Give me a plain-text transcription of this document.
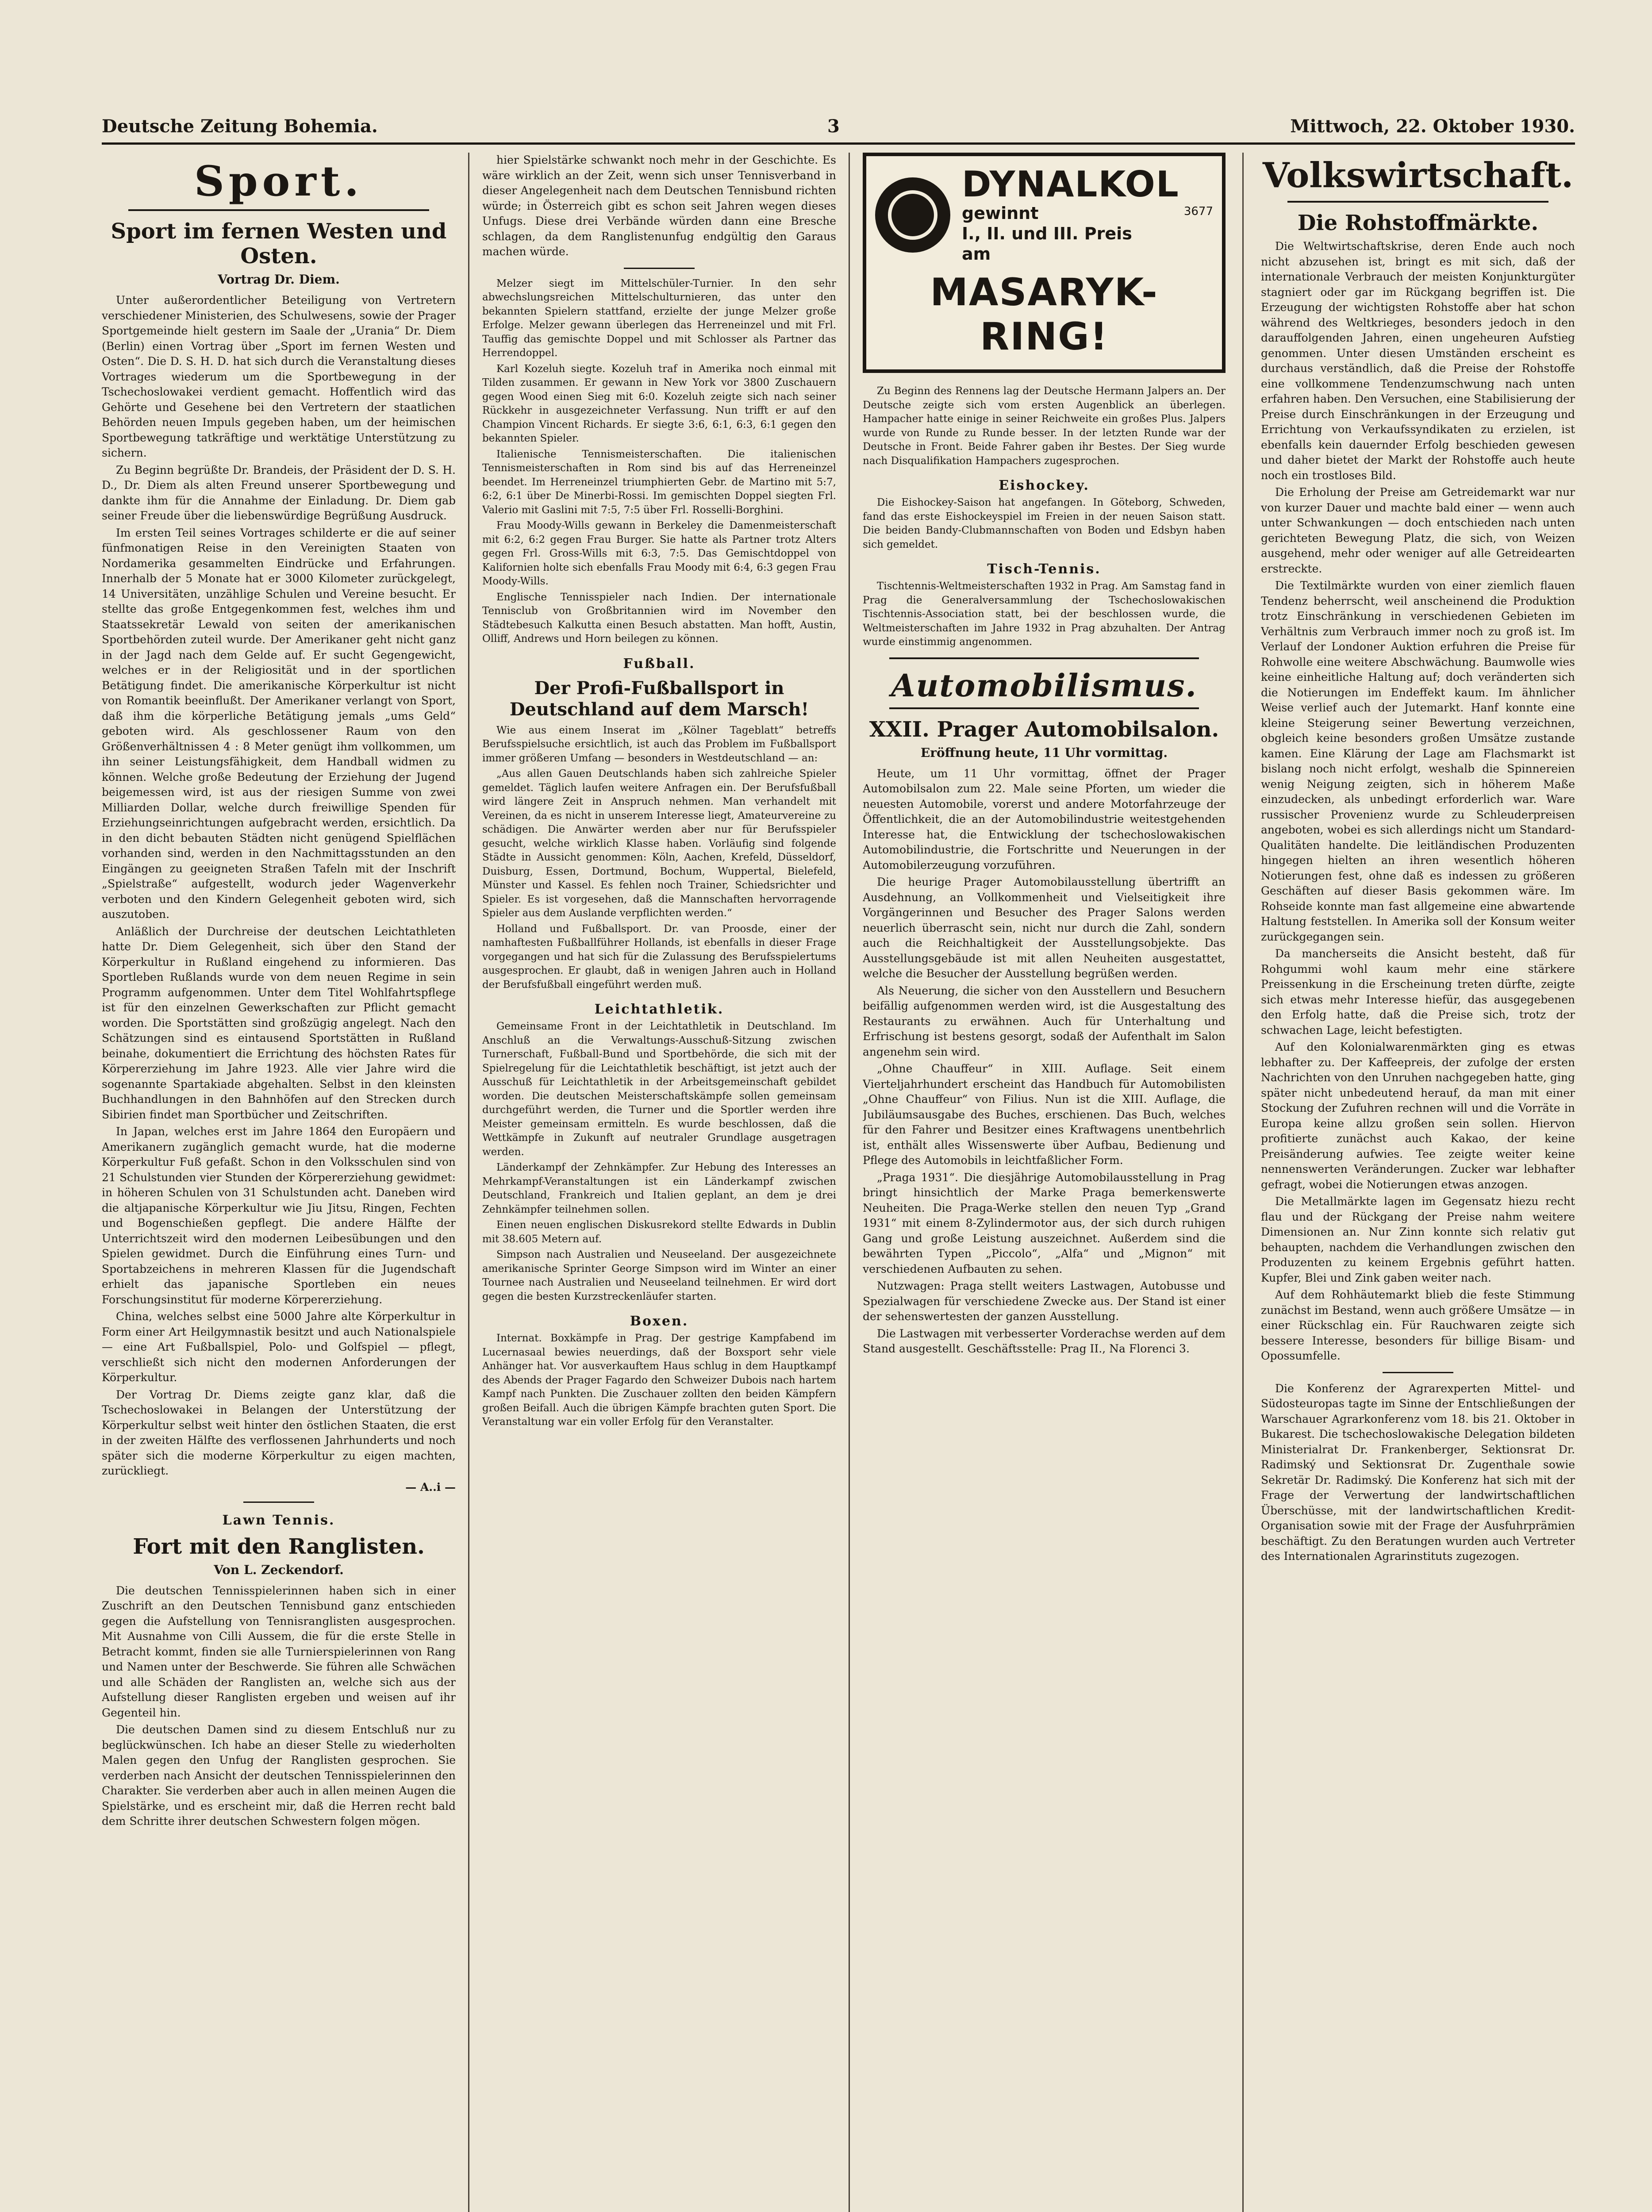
Deutsche Zeitung Bohemia.	3	Mittwoch, 22. Oktober 1930.
Sport.
Sport im fernen Westen und Osten.
Vortrag Dr. Diem.

Unter außerordentlicher Beteiligung von Vertretern verschiedener Ministerien, des Schulwesens, sowie der Prager Sportgemeinde hielt gestern im Saale der „Urania“ Dr. Diem (Berlin) einen Vortrag über „Sport im fernen Westen und Osten“. Die D. S. H. D. hat sich durch die Veranstaltung dieses Vortrages wiederum um die Sportbewegung in der Tschechoslowakei verdient gemacht. Hoffentlich wird das Gehörte und Gesehene bei den Vertretern der staatlichen Behörden neuen Impuls gegeben haben, um der heimischen Sportbewegung tatkräftige und werktätige Unterstützung zu sichern.

Zu Beginn begrüßte Dr. Brandeis, der Präsident der D. S. H. D., Dr. Diem als alten Freund unserer Sportbewegung und dankte ihm für die Annahme der Einladung. Dr. Diem gab seiner Freude über die liebenswürdige Begrüßung Ausdruck.

Im ersten Teil seines Vortrages schilderte er die auf seiner fünfmonatigen Reise in den Vereinigten Staaten von Nordamerika gesammelten Eindrücke und Erfahrungen. Innerhalb der 5 Monate hat er 3000 Kilometer zurückgelegt, 14 Universitäten, unzählige Schulen und Vereine besucht. Er stellte das große Entgegenkommen fest, welches ihm und Staatssekretär Lewald von seiten der amerikanischen Sportbehörden zuteil wurde. Der Amerikaner geht nicht ganz in der Jagd nach dem Gelde auf. Er sucht Gegengewicht, welches er in der Religiosität und in der sportlichen Betätigung findet. Die amerikanische Körperkultur ist nicht von Romantik beeinflußt. Der Amerikaner verlangt von Sport, daß ihm die körperliche Betätigung jemals „ums Geld“ geboten wird. Als geschlossener Raum von den Größenverhältnissen 4 : 8 Meter genügt ihm vollkommen, um ihn seiner Leistungsfähigkeit, dem Handball widmen zu können. Welche große Bedeutung der Erziehung der Jugend beigemessen wird, ist aus der riesigen Summe von zwei Milliarden Dollar, welche durch freiwillige Spenden für Erziehungseinrichtungen aufgebracht werden, ersichtlich. Da in den dicht bebauten Städten nicht genügend Spielflächen vorhanden sind, werden in den Nachmittagsstunden an den Eingängen zu geeigneten Straßen Tafeln mit der Inschrift „Spielstraße“ aufgestellt, wodurch jeder Wagenverkehr verboten und den Kindern Gelegenheit geboten wird, sich auszutoben.

Anläßlich der Durchreise der deutschen Leichtathleten hatte Dr. Diem Gelegenheit, sich über den Stand der Körperkultur in Rußland eingehend zu informieren. Das Sportleben Rußlands wurde von dem neuen Regime in sein Programm aufgenommen. Unter dem Titel Wohlfahrtspflege ist für den einzelnen Gewerkschaften zur Pflicht gemacht worden. Die Sportstätten sind großzügig angelegt. Nach den Schätzungen sind es eintausend Sportstätten in Rußland beinahe, dokumentiert die Errichtung des höchsten Rates für Körpererziehung im Jahre 1923. Alle vier Jahre wird die sogenannte Spartakiade abgehalten. Selbst in den kleinsten Buchhandlungen in den Bahnhöfen auf den Strecken durch Sibirien findet man Sportbücher und Zeitschriften.

In Japan, welches erst im Jahre 1864 den Europäern und Amerikanern zugänglich gemacht wurde, hat die moderne Körperkultur Fuß gefaßt. Schon in den Volksschulen sind von 21 Schulstunden vier Stunden der Körpererziehung gewidmet: in höheren Schulen von 31 Schulstunden acht. Daneben wird die altjapanische Körperkultur wie Jiu Jitsu, Ringen, Fechten und Bogenschießen gepflegt. Die andere Hälfte der Unterrichtszeit wird den modernen Leibesübungen und den Spielen gewidmet. Durch die Einführung eines Turn- und Sportabzeichens in mehreren Klassen für die Jugendschaft erhielt das japanische Sportleben ein neues Forschungsinstitut für moderne Körpererziehung.

China, welches selbst eine 5000 Jahre alte Körperkultur in Form einer Art Heilgymnastik besitzt und auch Nationalspiele — eine Art Fußballspiel, Polo- und Golfspiel — pflegt, verschließt sich nicht den modernen Anforderungen der Körperkultur.

Der Vortrag Dr. Diems zeigte ganz klar, daß die Tschechoslowakei in Belangen der Unterstützung der Körperkultur selbst weit hinter den östlichen Staaten, die erst in der zweiten Hälfte des verflossenen Jahrhunderts und noch später sich die moderne Körperkultur zu eigen machten, zurückliegt.

— A..i —
Lawn Tennis.
Fort mit den Ranglisten.
Von L. Zeckendorf.

Die deutschen Tennisspielerinnen haben sich in einer Zuschrift an den Deutschen Tennisbund ganz entschieden gegen die Aufstellung von Tennisranglisten ausgesprochen. Mit Ausnahme von Cilli Aussem, die für die erste Stelle in Betracht kommt, finden sie alle Turnierspielerinnen von Rang und Namen unter der Beschwerde. Sie führen alle Schwächen und alle Schäden der Ranglisten an, welche sich aus der Aufstellung dieser Ranglisten ergeben und weisen auf ihr Gegenteil hin.

Die deutschen Damen sind zu diesem Entschluß nur zu beglückwünschen. Ich habe an dieser Stelle zu wiederholten Malen gegen den Unfug der Ranglisten gesprochen. Sie verderben nach Ansicht der deutschen Tennisspielerinnen den Charakter. Sie verderben aber auch in allen meinen Augen die Spielstärke, und es erscheint mir, daß die Herren recht bald dem Schritte ihrer deutschen Schwestern folgen mögen.

hier Spielstärke schwankt noch mehr in der Geschichte. Es wäre wirklich an der Zeit, wenn sich unser Tennisverband in dieser Angelegenheit nach dem Deutschen Tennisbund richten würde; in Österreich gibt es schon seit Jahren wegen dieses Unfugs. Diese drei Verbände würden dann eine Bresche schlagen, da dem Ranglistenunfug endgültig den Garaus machen würde.

Melzer siegt im Mittelschüler-Turnier. In den sehr abwechslungsreichen Mittelschulturnieren, das unter den bekannten Spielern stattfand, erzielte der junge Melzer große Erfolge. Melzer gewann überlegen das Herreneinzel und mit Frl. Tauffig das gemischte Doppel und mit Schlosser als Partner das Herrendoppel.

Karl Kozeluh siegte. Kozeluh traf in Amerika noch einmal mit Tilden zusammen. Er gewann in New York vor 3800 Zuschauern gegen Wood einen Sieg mit 6:0. Kozeluh zeigte sich nach seiner Rückkehr in ausgezeichneter Verfassung. Nun trifft er auf den Champion Vincent Richards. Er siegte 3:6, 6:1, 6:3, 6:1 gegen den bekannten Spieler.

Italienische Tennismeisterschaften. Die italienischen Tennismeisterschaften in Rom sind bis auf das Herreneinzel beendet. Im Herreneinzel triumphierten Gebr. de Martino mit 5:7, 6:2, 6:1 über De Minerbi-Rossi. Im gemischten Doppel siegten Frl. Valerio mit Gaslini mit 7:5, 7:5 über Frl. Rosselli-Borghini.

Frau Moody-Wills gewann in Berkeley die Damenmeisterschaft mit 6:2, 6:2 gegen Frau Burger. Sie hatte als Partner trotz Alters gegen Frl. Gross-Wills mit 6:3, 7:5. Das Gemischtdoppel von Kalifornien holte sich ebenfalls Frau Moody mit 6:4, 6:3 gegen Frau Moody-Wills.

Englische Tennisspieler nach Indien. Der internationale Tennisclub von Großbritannien wird im November den Städtebesuch Kalkutta einen Besuch abstatten. Man hofft, Austin, Olliff, Andrews und Horn beilegen zu können.

Fußball.
Der Profi-Fußballsport in Deutschland auf dem Marsch!

Wie aus einem Inserat im „Kölner Tageblatt“ betreffs Berufsspielsuche ersichtlich, ist auch das Problem im Fußballsport immer größeren Umfang — besonders in Westdeutschland — an:

„Aus allen Gauen Deutschlands haben sich zahlreiche Spieler gemeldet. Täglich laufen weitere Anfragen ein. Der Berufsfußball wird längere Zeit in Anspruch nehmen. Man verhandelt mit Vereinen, da es nicht in unserem Interesse liegt, Amateurvereine zu schädigen. Die Anwärter werden aber nur für Berufsspieler gesucht, welche wirklich Klasse haben. Vorläufig sind folgende Städte in Aussicht genommen: Köln, Aachen, Krefeld, Düsseldorf, Duisburg, Essen, Dortmund, Bochum, Wuppertal, Bielefeld, Münster und Kassel. Es fehlen noch Trainer, Schiedsrichter und Spieler. Es ist vorgesehen, daß die Mannschaften hervorragende Spieler aus dem Auslande verpflichten werden.“

Holland und Fußballsport. Dr. van Proosde, einer der namhaftesten Fußballführer Hollands, ist ebenfalls in dieser Frage vorgegangen und hat sich für die Zulassung des Berufsspielertums ausgesprochen. Er glaubt, daß in wenigen Jahren auch in Holland der Berufsfußball eingeführt werden muß.

Leichtathletik.

Gemeinsame Front in der Leichtathletik in Deutschland. Im Anschluß an die Verwaltungs-Ausschuß-Sitzung zwischen Turnerschaft, Fußball-Bund und Sportbehörde, die sich mit der Spielregelung für die Leichtathletik beschäftigt, ist jetzt auch der Ausschuß für Leichtathletik in der Arbeitsgemeinschaft gebildet worden. Die deutschen Meisterschaftskämpfe sollen gemeinsam durchgeführt werden, die Turner und die Sportler werden ihre Meister gemeinsam ermitteln. Es wurde beschlossen, daß die Wettkämpfe in Zukunft auf neutraler Grundlage ausgetragen werden.

Länderkampf der Zehnkämpfer. Zur Hebung des Interesses an Mehrkampf-Veranstaltungen ist ein Länderkampf zwischen Deutschland, Frankreich und Italien geplant, an dem je drei Zehnkämpfer teilnehmen sollen.

Einen neuen englischen Diskusrekord stellte Edwards in Dublin mit 38.605 Metern auf.

Simpson nach Australien und Neuseeland. Der ausgezeichnete amerikanische Sprinter George Simpson wird im Winter an einer Tournee nach Australien und Neuseeland teilnehmen. Er wird dort gegen die besten Kurzstreckenläufer starten.

Boxen.

Internat. Boxkämpfe in Prag. Der gestrige Kampfabend im Lucernasaal bewies neuerdings, daß der Boxsport sehr viele Anhänger hat. Vor ausverkauftem Haus schlug in dem Hauptkampf des Abends der Prager Fagardo den Schweizer Dubois nach hartem Kampf nach Punkten. Die Zuschauer zollten den beiden Kämpfern großen Beifall. Auch die übrigen Kämpfe brachten guten Sport. Die Veranstaltung war ein voller Erfolg für den Veranstalter.

DYNALKOL
gewinnt	3677
I., II. und III. Preis
am
MASARYK-RING!

Zu Beginn des Rennens lag der Deutsche Hermann Jalpers an. Der Deutsche zeigte sich vom ersten Augenblick an überlegen. Hampacher hatte einige in seiner Reichweite ein großes Plus. Jalpers wurde von Runde zu Runde besser. In der letzten Runde war der Deutsche in Front. Beide Fahrer gaben ihr Bestes. Der Sieg wurde nach Disqualifikation Hampachers zugesprochen.

Eishockey.

Die Eishockey-Saison hat angefangen. In Göteborg, Schweden, fand das erste Eishockeyspiel im Freien in der neuen Saison statt. Die beiden Bandy-Clubmannschaften von Boden und Edsbyn haben sich gemeldet.

Tisch-Tennis.

Tischtennis-Weltmeisterschaften 1932 in Prag. Am Samstag fand in Prag die Generalversammlung der Tschechoslowakischen Tischtennis-Association statt, bei der beschlossen wurde, die Weltmeisterschaften im Jahre 1932 in Prag abzuhalten. Der Antrag wurde einstimmig angenommen.

Automobilismus.
XXII. Prager Automobilsalon.
Eröffnung heute, 11 Uhr vormittag.

Heute, um 11 Uhr vormittag, öffnet der Prager Automobilsalon zum 22. Male seine Pforten, um wieder die neuesten Automobile, vorerst und andere Motorfahrzeuge der Öffentlichkeit, die an der Automobilindustrie weitestgehenden Interesse hat, die Entwicklung der tschechoslowakischen Automobilindustrie, die Fortschritte und Neuerungen in der Automobilerzeugung vorzuführen.

Die heurige Prager Automobilausstellung übertrifft an Ausdehnung, an Vollkommenheit und Vielseitigkeit ihre Vorgängerinnen und Besucher des Prager Salons werden neuerlich überrascht sein, nicht nur durch die Zahl, sondern auch die Reichhaltigkeit der Ausstellungsobjekte. Das Ausstellungsgebäude ist mit allen Neuheiten ausgestattet, welche die Besucher der Ausstellung begrüßen werden.

Als Neuerung, die sicher von den Ausstellern und Besuchern beifällig aufgenommen werden wird, ist die Ausgestaltung des Restaurants zu erwähnen. Auch für Unterhaltung und Erfrischung ist bestens gesorgt, sodaß der Aufenthalt im Salon angenehm sein wird.

„Ohne Chauffeur“ in XIII. Auflage. Seit einem Vierteljahrhundert erscheint das Handbuch für Automobilisten „Ohne Chauffeur“ von Filius. Nun ist die XIII. Auflage, die Jubiläumsausgabe des Buches, erschienen. Das Buch, welches für den Fahrer und Besitzer eines Kraftwagens unentbehrlich ist, enthält alles Wissenswerte über Aufbau, Bedienung und Pflege des Automobils in leichtfaßlicher Form.

„Praga 1931“. Die diesjährige Automobilausstellung in Prag bringt hinsichtlich der Marke Praga bemerkenswerte Neuheiten. Die Praga-Werke stellen den neuen Typ „Grand 1931“ mit einem 8-Zylindermotor aus, der sich durch ruhigen Gang und große Leistung auszeichnet. Außerdem sind die bewährten Typen „Piccolo“, „Alfa“ und „Mignon“ mit verschiedenen Aufbauten zu sehen.

Nutzwagen: Praga stellt weiters Lastwagen, Autobusse und Spezialwagen für verschiedene Zwecke aus. Der Stand ist einer der sehenswertesten der ganzen Ausstellung.

Die Lastwagen mit verbesserter Vorderachse werden auf dem Stand ausgestellt. Geschäftsstelle: Prag II., Na Florenci 3.

Volkswirtschaft.
Die Rohstoffmärkte.

Die Weltwirtschaftskrise, deren Ende auch noch nicht abzusehen ist, bringt es mit sich, daß der internationale Verbrauch der meisten Konjunkturgüter stagniert oder gar im Rückgang begriffen ist. Die Erzeugung der wichtigsten Rohstoffe aber hat schon während des Weltkrieges, besonders jedoch in den darauffolgenden Jahren, einen ungeheuren Aufstieg genommen. Unter diesen Umständen erscheint es durchaus verständlich, daß die Preise der Rohstoffe eine vollkommene Tendenzumschwung nach unten erfahren haben. Den Versuchen, eine Stabilisierung der Preise durch Einschränkungen in der Erzeugung und Errichtung von Verkaufssyndikaten zu erzielen, ist ebenfalls kein dauernder Erfolg beschieden gewesen und daher bietet der Markt der Rohstoffe auch heute noch ein trostloses Bild.

Die Erholung der Preise am Getreidemarkt war nur von kurzer Dauer und machte bald einer — wenn auch unter Schwankungen — doch entschieden nach unten gerichteten Bewegung Platz, die sich, von Weizen ausgehend, mehr oder weniger auf alle Getreidearten erstreckte.

Die Textilmärkte wurden von einer ziemlich flauen Tendenz beherrscht, weil anscheinend die Produktion trotz Einschränkung in verschiedenen Gebieten im Verhältnis zum Verbrauch immer noch zu groß ist. Im Verlauf der Londoner Auktion erfuhren die Preise für Rohwolle eine weitere Abschwächung. Baumwolle wies keine einheitliche Haltung auf; doch veränderten sich die Notierungen im Endeffekt kaum. Im ähnlicher Weise verlief auch der Jutemarkt. Hanf konnte eine kleine Steigerung seiner Bewertung verzeichnen, obgleich keine besonders großen Umsätze zustande kamen. Eine Klärung der Lage am Flachsmarkt ist bislang noch nicht erfolgt, weshalb die Spinnereien wenig Neigung zeigten, sich in höherem Maße einzudecken, als unbedingt erforderlich war. Ware russischer Provenienz wurde zu Schleuderpreisen angeboten, wobei es sich allerdings nicht um Standard-Qualitäten handelte. Die leitländischen Produzenten hingegen hielten an ihren wesentlich höheren Notierungen fest, ohne daß es indessen zu größeren Geschäften auf dieser Basis gekommen wäre. Im Rohseide konnte man fast allgemeine eine abwartende Haltung feststellen. In Amerika soll der Konsum weiter zurückgegangen sein.

Da mancherseits die Ansicht besteht, daß für Rohgummi wohl kaum mehr eine stärkere Preissenkung in die Erscheinung treten dürfte, zeigte sich etwas mehr Interesse hiefür, das ausgegebenen den Erfolg hatte, daß die Preise sich, trotz der schwachen Lage, leicht befestigten.

Auf den Kolonialwarenmärkten ging es etwas lebhafter zu. Der Kaffeepreis, der zufolge der ersten Nachrichten von den Unruhen nachgegeben hatte, ging später nicht unbedeutend herauf, da man mit einer Stockung der Zufuhren rechnen will und die Vorräte in Europa keine allzu großen sein sollen. Hiervon profitierte zunächst auch Kakao, der keine Preisänderung aufwies. Tee zeigte weiter keine nennenswerten Veränderungen. Zucker war lebhafter gefragt, wobei die Notierungen etwas anzogen.

Die Metallmärkte lagen im Gegensatz hiezu recht flau und der Rückgang der Preise nahm weitere Dimensionen an. Nur Zinn konnte sich relativ gut behaupten, nachdem die Verhandlungen zwischen den Produzenten zu keinem Ergebnis geführt hatten. Kupfer, Blei und Zink gaben weiter nach.

Auf dem Rohhäutemarkt blieb die feste Stimmung zunächst im Bestand, wenn auch größere Umsätze — in einer Rückschlag ein. Für Rauchwaren zeigte sich bessere Interesse, besonders für billige Bisam- und Opossumfelle.

Die Konferenz der Agrarexperten Mittel- und Südosteuropas tagte im Sinne der Entschließungen der Warschauer Agrarkonferenz vom 18. bis 21. Oktober in Bukarest. Die tschechoslowakische Delegation bildeten Ministerialrat Dr. Frankenberger, Sektionsrat Dr. Radimský und Sektionsrat Dr. Zugenthale sowie Sekretär Dr. Radimský. Die Konferenz hat sich mit der Frage der Verwertung der landwirtschaftlichen Überschüsse, mit der landwirtschaftlichen Kredit-Organisation sowie mit der Frage der Ausfuhrprämien beschäftigt. Zu den Beratungen wurden auch Vertreter des Internationalen Agrarinstituts zugezogen.
